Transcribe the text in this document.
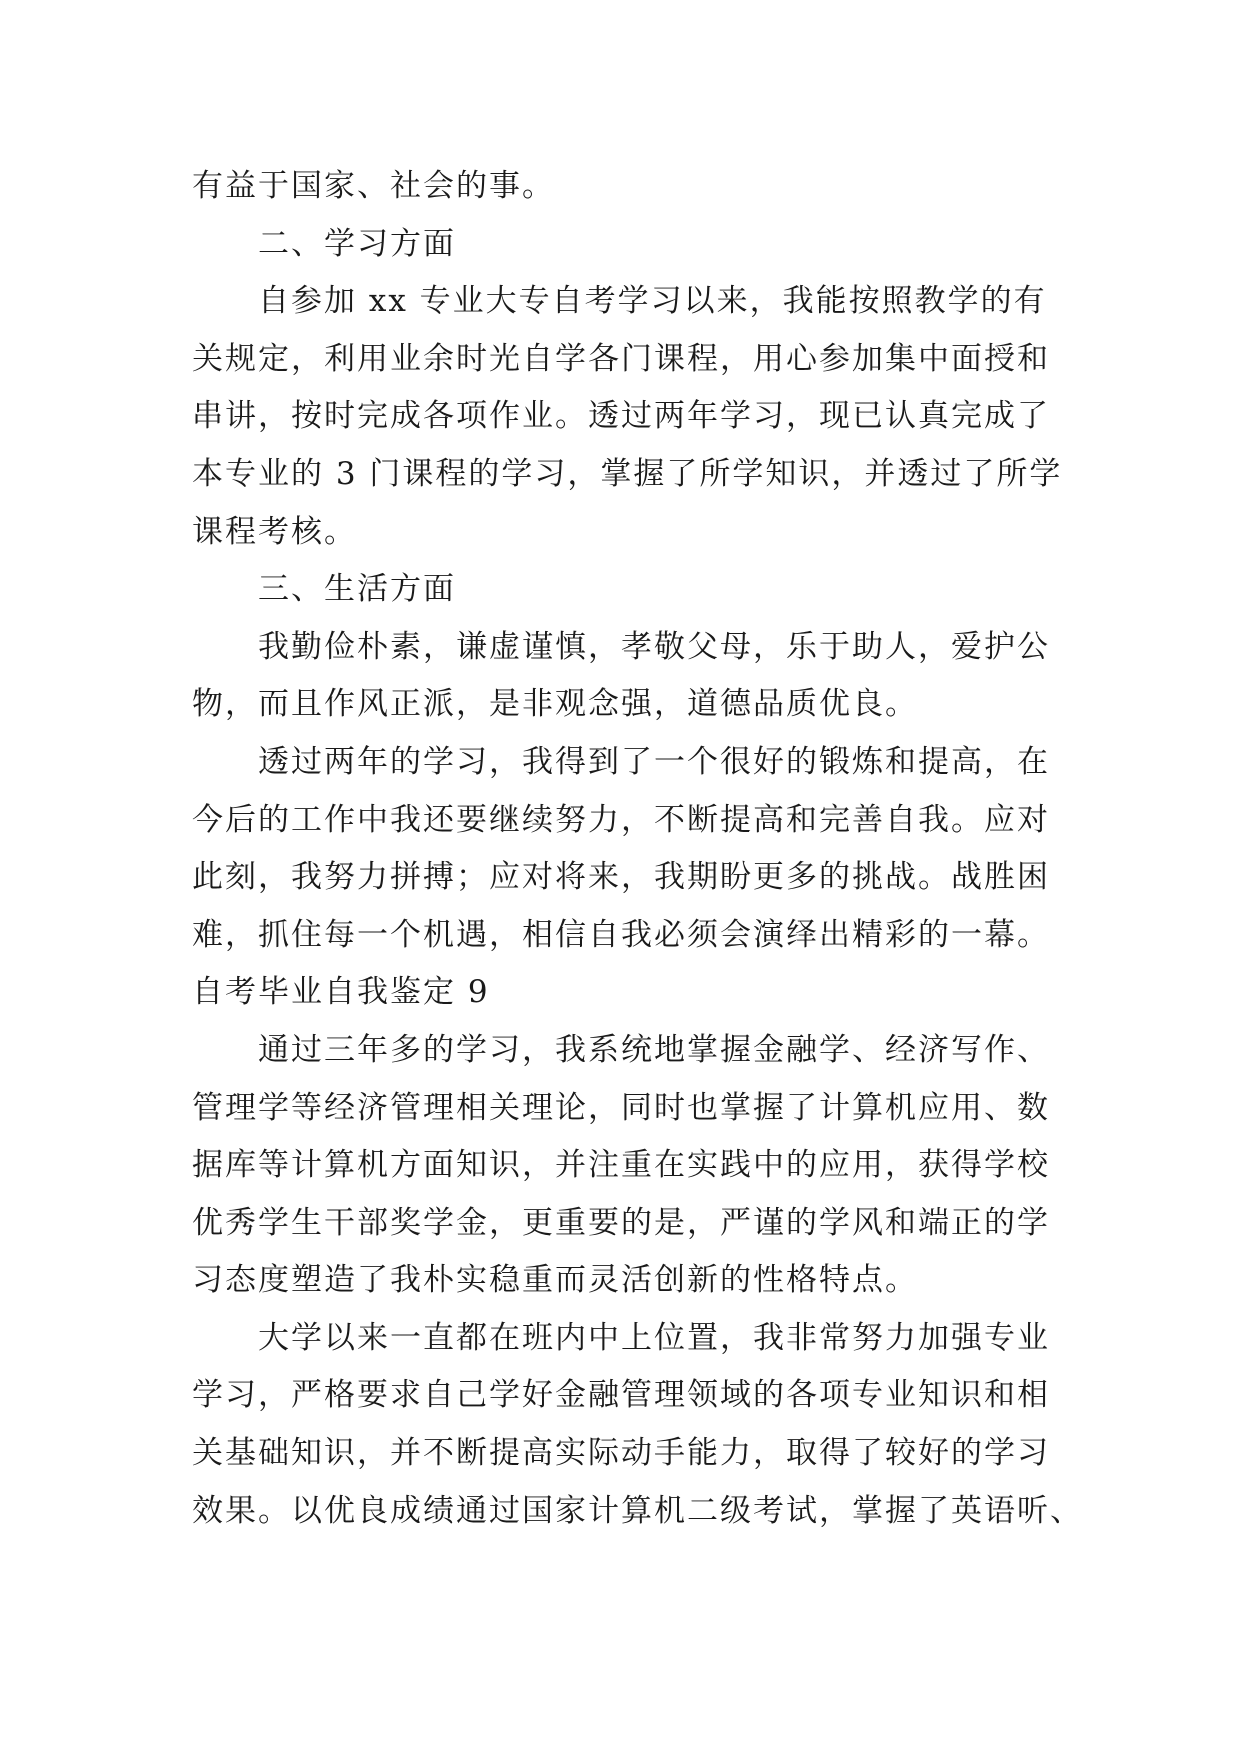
有益于国家、社会的事。
二、学习方面
自参加 xx 专业大专自考学习以来，我能按照教学的有
关规定，利用业余时光自学各门课程，用心参加集中面授和
串讲，按时完成各项作业。透过两年学习，现已认真完成了
本专业的 3 门课程的学习，掌握了所学知识，并透过了所学
课程考核。
三、生活方面
我勤俭朴素，谦虚谨慎，孝敬父母，乐于助人，爱护公
物，而且作风正派，是非观念强，道德品质优良。
透过两年的学习，我得到了一个很好的锻炼和提高，在
今后的工作中我还要继续努力，不断提高和完善自我。应对
此刻，我努力拼搏；应对将来，我期盼更多的挑战。战胜困
难，抓住每一个机遇，相信自我必须会演绎出精彩的一幕。
自考毕业自我鉴定 9
通过三年多的学习，我系统地掌握金融学、经济写作、
管理学等经济管理相关理论，同时也掌握了计算机应用、数
据库等计算机方面知识，并注重在实践中的应用，获得学校
优秀学生干部奖学金，更重要的是，严谨的学风和端正的学
习态度塑造了我朴实稳重而灵活创新的性格特点。
大学以来一直都在班内中上位置，我非常努力加强专业
学习，严格要求自己学好金融管理领域的各项专业知识和相
关基础知识，并不断提高实际动手能力，取得了较好的学习
效果。以优良成绩通过国家计算机二级考试，掌握了英语听、
